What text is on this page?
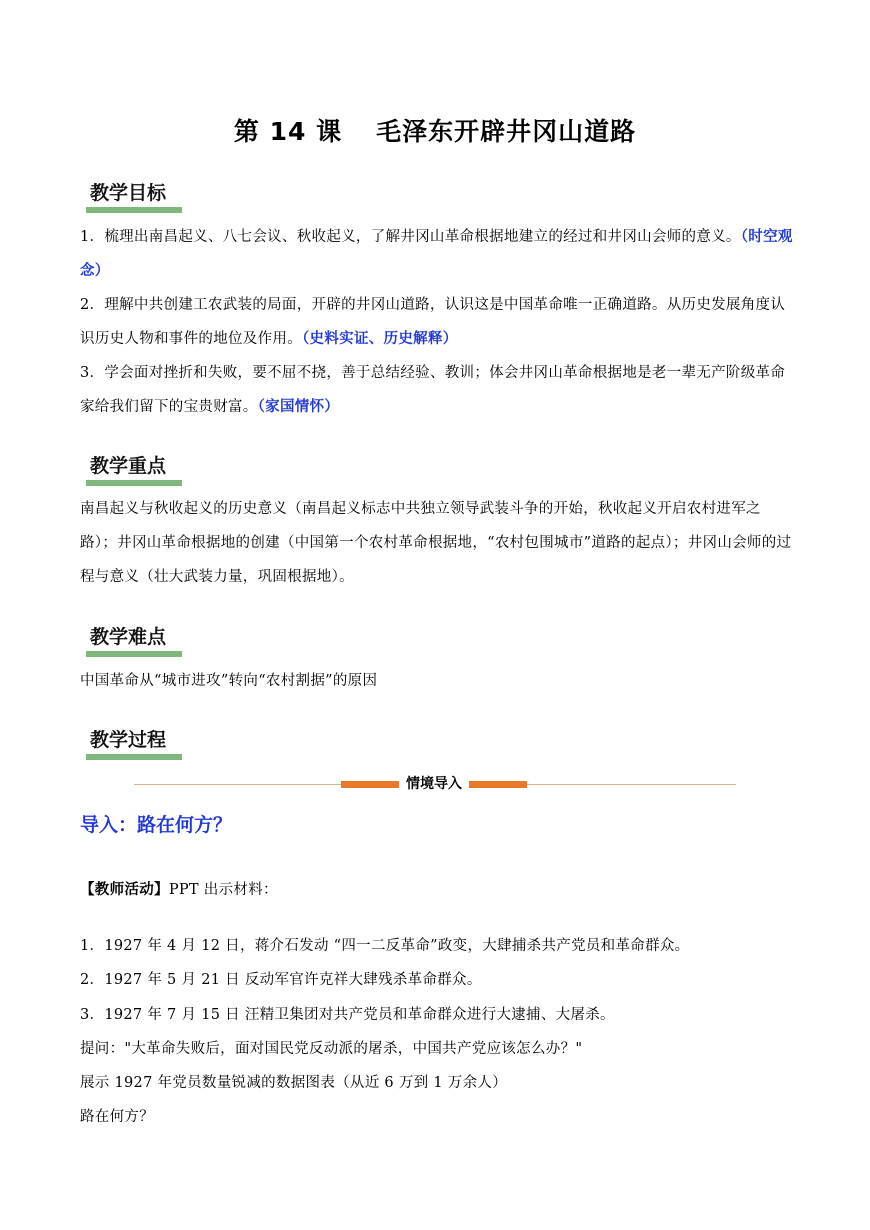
第 14 课 毛泽东开辟井冈山道路
教学目标
1．梳理出南昌起义、八七会议、秋收起义，了解井冈山革命根据地建立的经过和井冈山会师的意义。（时空观念）
2．理解中共创建工农武装的局面，开辟的井冈山道路，认识这是中国革命唯一正确道路。从历史发展角度认识历史人物和事件的地位及作用。（史料实证、历史解释）
3．学会面对挫折和失败，要不屈不挠，善于总结经验、教训；体会井冈山革命根据地是老一辈无产阶级革命家给我们留下的宝贵财富。（家国情怀）
教学重点
南昌起义与秋收起义的历史意义（南昌起义标志中共独立领导武装斗争的开始，秋收起义开启农村进军之路）；井冈山革命根据地的创建（中国第一个农村革命根据地，“农村包围城市”道路的起点）；井冈山会师的过程与意义（壮大武装力量，巩固根据地）。
教学难点
中国革命从“城市进攻”转向“农村割据”的原因
教学过程
情境导入
导入：路在何方？
【教师活动】PPT 出示材料：
1．1927 年 4 月 12 日，蒋介石发动 “四一二反革命”政变，大肆捕杀共产党员和革命群众。
2．1927 年 5 月 21 日 反动军官许克祥大肆残杀革命群众。
3．1927 年 7 月 15 日 汪精卫集团对共产党员和革命群众进行大逮捕、大屠杀。
提问："大革命失败后，面对国民党反动派的屠杀，中国共产党应该怎么办？"
展示 1927 年党员数量锐减的数据图表（从近 6 万到 1 万余人）
路在何方？
